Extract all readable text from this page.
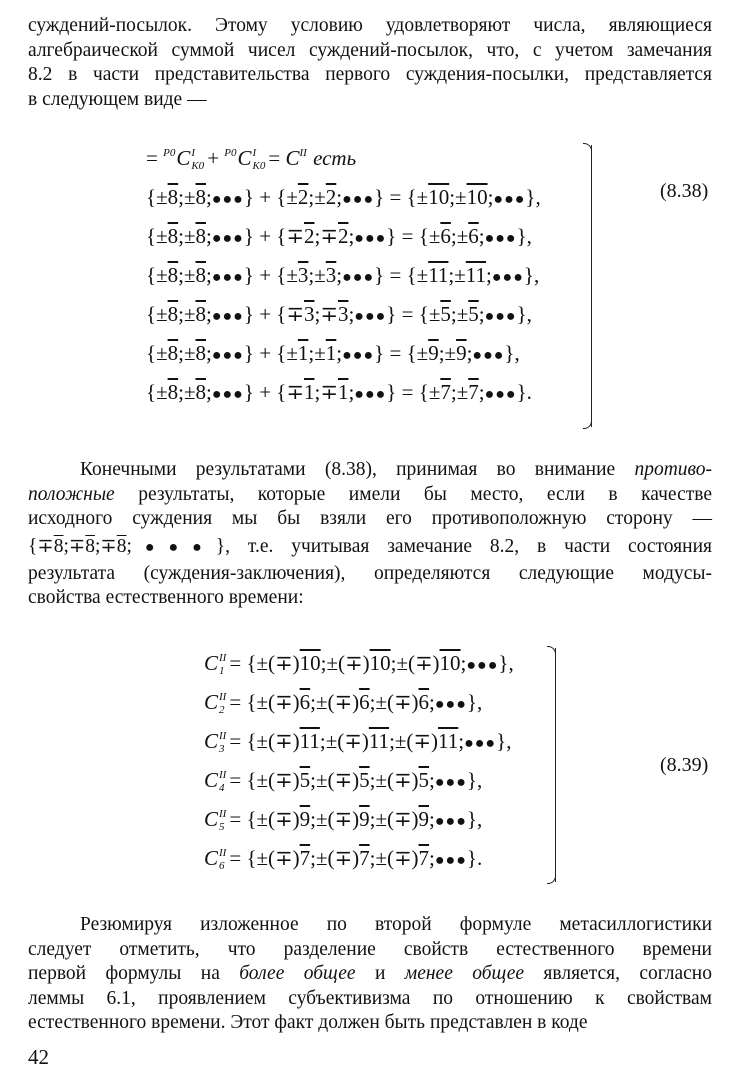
суждений-посылок. Этому условию удовлетворяют числа, являющиеся
алгебраической суммой чисел суждений-посылок, что, с учетом замечания
8.2 в части представительства первого суждения-посылки, представляется
в следующем виде —
= $^{P0}$C I
K0 + $^{P0}$C I
$K0 = C^{II}$ есть
{±8;±8;●●●} + {±2;±2;●●●} = {±10;±10;●●●},
{±8;±8;●●●} + {∓2;∓2;●●●} = {±6;±6;●●●},
{±8;±8;●●●} + {±3;±3;●●●} = {±11;±11;●●●},
{±8;±8;●●●} + {∓3;∓3;●●●} = {±5;±5;●●●},
{±8;±8;●●●} + {±1;±1;●●●} = {±9;±9;●●●},
{±8;±8;●●●} + {∓1;∓1;●●●} = {±7;±7;●●●}.
(8.38)
Конечными результатами (8.38), принимая во внимание противо-
положные результаты, которые имели бы место, если в качестве
исходного суждения мы бы взяли его противоположную сторону —
{∓8;∓8;∓8;●●●}, т.е. учитывая замечание 8.2, в части состояния
результата (суждения-заключения), определяются следующие модусы-
свойства естественного времени:
C II
1 = {±(∓)10;±(∓)10;±(∓)10;●●●},
C II
2 = {±(∓)6;±(∓)6;±(∓)6;●●●},
C II
3 = {±(∓)11;±(∓)11;±(∓)11;●●●},
C II
4 = {±(∓)5;±(∓)5;±(∓)5;●●●},
C II
5 = {±(∓)9;±(∓)9;±(∓)9;●●●},
C II
6 = {±(∓)7;±(∓)7;±(∓)7;●●●}.
(8.39)
Резюмируя изложенное по второй формуле метасиллогистики
следует отметить, что разделение свойств естественного времени
первой формулы на более общее и менее общее является, согласно
леммы 6.1, проявлением субъективизма по отношению к свойствам
естественного времени. Этот факт должен быть представлен в коде
42
